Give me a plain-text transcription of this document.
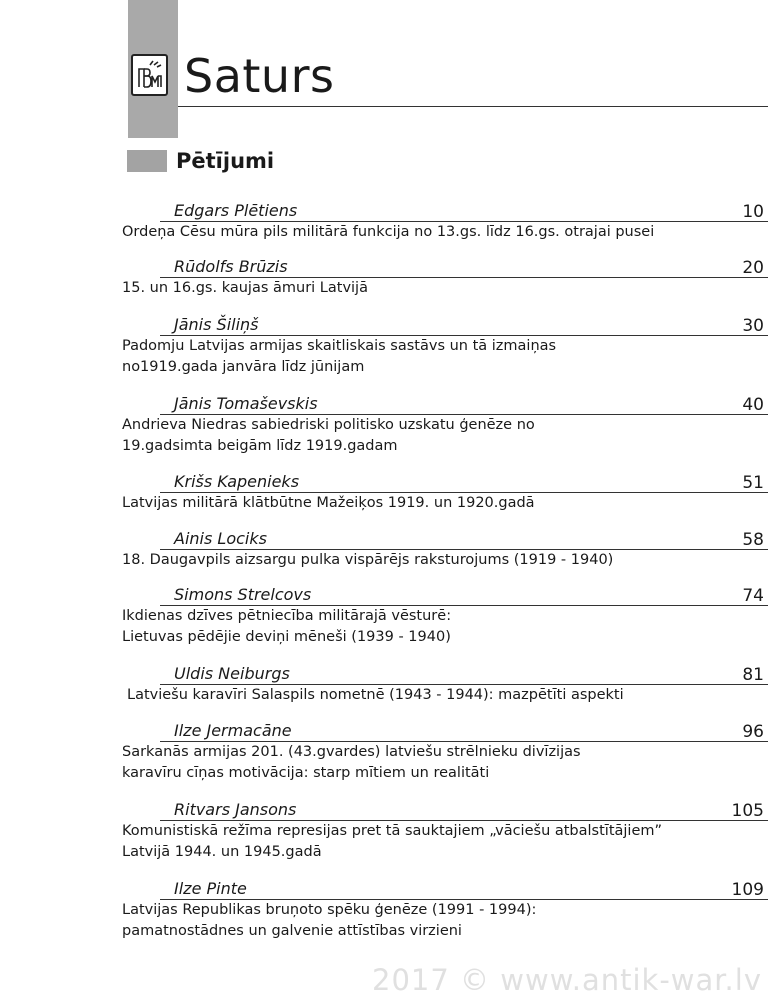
Saturs
Pētījumi
Edgars Plētiens	10
Ordeņa Cēsu mūra pils militārā funkcija no 13.gs. līdz 16.gs. otrajai pusei
Rūdolfs Brūzis	20
15. un 16.gs. kaujas āmuri Latvijā
Jānis Šiliņš	30
Padomju Latvijas armijas skaitliskais sastāvs un tā izmaiņas
no1919.gada janvāra līdz jūnijam
Jānis Tomaševskis	40
Andrieva Niedras sabiedriski politisko uzskatu ģenēze no
19.gadsimta beigām līdz 1919.gadam
Krišs Kapenieks	51
Latvijas militārā klātbūtne Mažeiķos 1919. un 1920.gadā
Ainis Lociks	58
18. Daugavpils aizsargu pulka vispārējs raksturojums (1919 - 1940)
Simons Strelcovs	74
Ikdienas dzīves pētniecība militārajā vēsturē:
Lietuvas pēdējie deviņi mēneši (1939 - 1940)
Uldis Neiburgs	81
Latviešu karavīri Salaspils nometnē (1943 - 1944): mazpētīti aspekti
Ilze Jermacāne	96
Sarkanās armijas 201. (43.gvardes) latviešu strēlnieku divīzijas
karavīru cīņas motivācija: starp mītiem un realitāti
Ritvars Jansons	105
Komunistiskā režīma represijas pret tā sauktajiem „vāciešu atbalstītājiem”
Latvijā 1944. un 1945.gadā
Ilze Pinte	109
Latvijas Republikas bruņoto spēku ģenēze (1991 - 1994):
pamatnostādnes un galvenie attīstības virzieni
2017 © www.antik-war.lv
